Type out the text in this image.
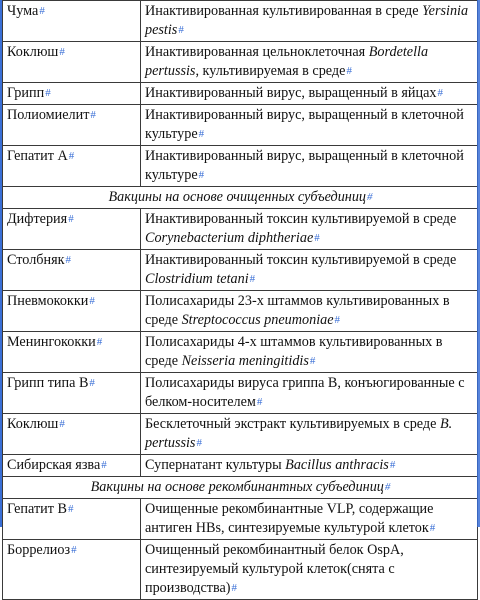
Чума#	Инактивированная культивированная в среде Yersinia pestis#
Коклюш#	Инактивированная цельноклеточная Bordetella pertussis, культивируемая в среде#
Грипп#	Инактивированный вирус, выращенный в яйцах#
Полиомиелит#	Инактивированный вирус, выращенный в клеточной культуре#
Гепатит А#	Инактивированный вирус, выращенный в клеточной культуре#
Вакцины на основе очищенных субъединиц#	
Дифтерия#	Инактивированный токсин культивируемой в среде Corynebacterium diphtheriae#
Столбняк#	Инактивированный токсин культивируемой в среде Clostridium tetani#
Пневмококки#	Полисахариды 23-х штаммов культивированных в среде Streptococcus pneumoniae#
Менингококки#	Полисахариды 4-х штаммов культивированных в среде Neisseria meningitidis#
Грипп типа В#	Полисахариды вируса гриппа В, конъюгированные с белком-носителем#
Коклюш#	Бесклеточный экстракт культивируемых в среде B. pertussis#
Сибирская язва#	Супернатант культуры Bacillus anthracis#
Вакцины на основе рекомбинантных субъединиц#	
Гепатит В#	Очищенные рекомбинантные VLP, содержащие антиген HBs, синтезируемые культурой клеток#
Боррелиоз#	Очищенный рекомбинантный белок OspA, синтезируемый культурой клеток(снята с производства)#
